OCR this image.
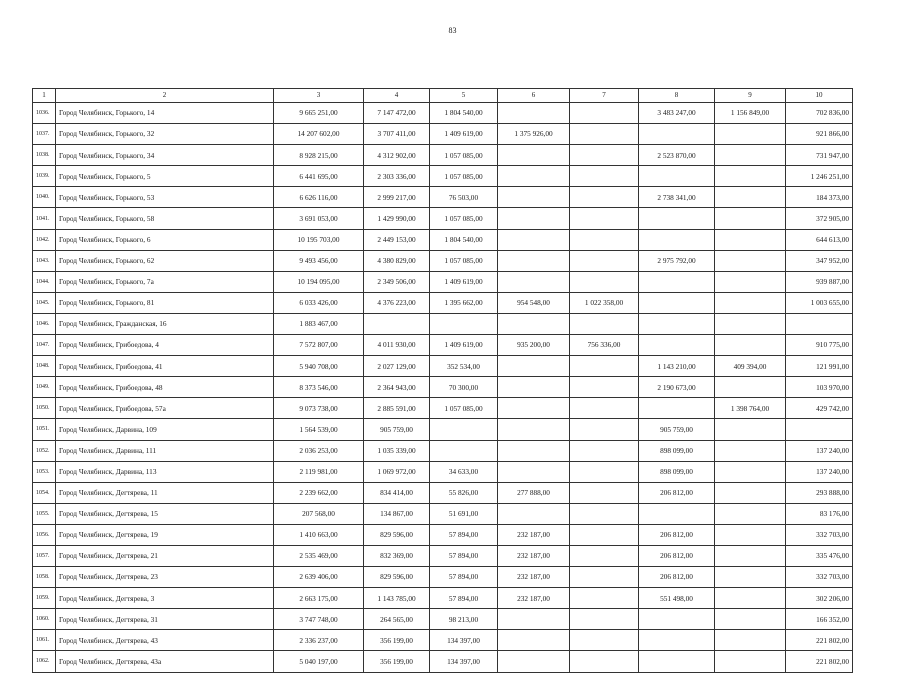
83
1	2	3	4	5	6	7	8	9	10
1036.	Город Челябинск, Горького, 14	9 665 251,00	7 147 472,00	1 804 540,00			3 483 247,00	1 156 849,00	702 836,00
1037.	Город Челябинск, Горького, 32	14 207 602,00	3 707 411,00	1 409 619,00	1 375 926,00				921 866,00
1038.	Город Челябинск, Горького, 34	8 928 215,00	4 312 902,00	1 057 085,00			2 523 870,00		731 947,00
1039.	Город Челябинск, Горького, 5	6 441 695,00	2 303 336,00	1 057 085,00					1 246 251,00
1040.	Город Челябинск, Горького, 53	6 626 116,00	2 999 217,00	76 503,00			2 738 341,00		184 373,00
1041.	Город Челябинск, Горького, 58	3 691 053,00	1 429 990,00	1 057 085,00					372 905,00
1042.	Город Челябинск, Горького, 6	10 195 703,00	2 449 153,00	1 804 540,00					644 613,00
1043.	Город Челябинск, Горького, 62	9 493 456,00	4 380 829,00	1 057 085,00			2 975 792,00		347 952,00
1044.	Город Челябинск, Горького, 7а	10 194 095,00	2 349 506,00	1 409 619,00					939 887,00
1045.	Город Челябинск, Горького, 81	6 033 426,00	4 376 223,00	1 395 662,00	954 548,00	1 022 358,00			1 003 655,00
1046.	Город Челябинск, Гражданская, 16	1 883 467,00							
1047.	Город Челябинск, Грибоедова, 4	7 572 807,00	4 011 930,00	1 409 619,00	935 200,00	756 336,00			910 775,00
1048.	Город Челябинск, Грибоедова, 41	5 940 708,00	2 027 129,00	352 534,00			1 143 210,00	409 394,00	121 991,00
1049.	Город Челябинск, Грибоедова, 48	8 373 546,00	2 364 943,00	70 300,00			2 190 673,00		103 970,00
1050.	Город Челябинск, Грибоедова, 57а	9 073 738,00	2 885 591,00	1 057 085,00				1 398 764,00	429 742,00
1051.	Город Челябинск, Дарвина, 109	1 564 539,00	905 759,00				905 759,00		
1052.	Город Челябинск, Дарвина, 111	2 036 253,00	1 035 339,00				898 099,00		137 240,00
1053.	Город Челябинск, Дарвина, 113	2 119 981,00	1 069 972,00	34 633,00			898 099,00		137 240,00
1054.	Город Челябинск, Дегтярева, 11	2 239 662,00	834 414,00	55 826,00	277 888,00		206 812,00		293 888,00
1055.	Город Челябинск, Дегтярева, 15	207 568,00	134 867,00	51 691,00					83 176,00
1056.	Город Челябинск, Дегтярева, 19	1 410 663,00	829 596,00	57 894,00	232 187,00		206 812,00		332 703,00
1057.	Город Челябинск, Дегтярева, 21	2 535 469,00	832 369,00	57 894,00	232 187,00		206 812,00		335 476,00
1058.	Город Челябинск, Дегтярева, 23	2 639 406,00	829 596,00	57 894,00	232 187,00		206 812,00		332 703,00
1059.	Город Челябинск, Дегтярева, 3	2 663 175,00	1 143 785,00	57 894,00	232 187,00		551 498,00		302 206,00
1060.	Город Челябинск, Дегтярева, 31	3 747 748,00	264 565,00	98 213,00					166 352,00
1061.	Город Челябинск, Дегтярева, 43	2 336 237,00	356 199,00	134 397,00					221 802,00
1062.	Город Челябинск, Дегтярева, 43а	5 040 197,00	356 199,00	134 397,00					221 802,00
